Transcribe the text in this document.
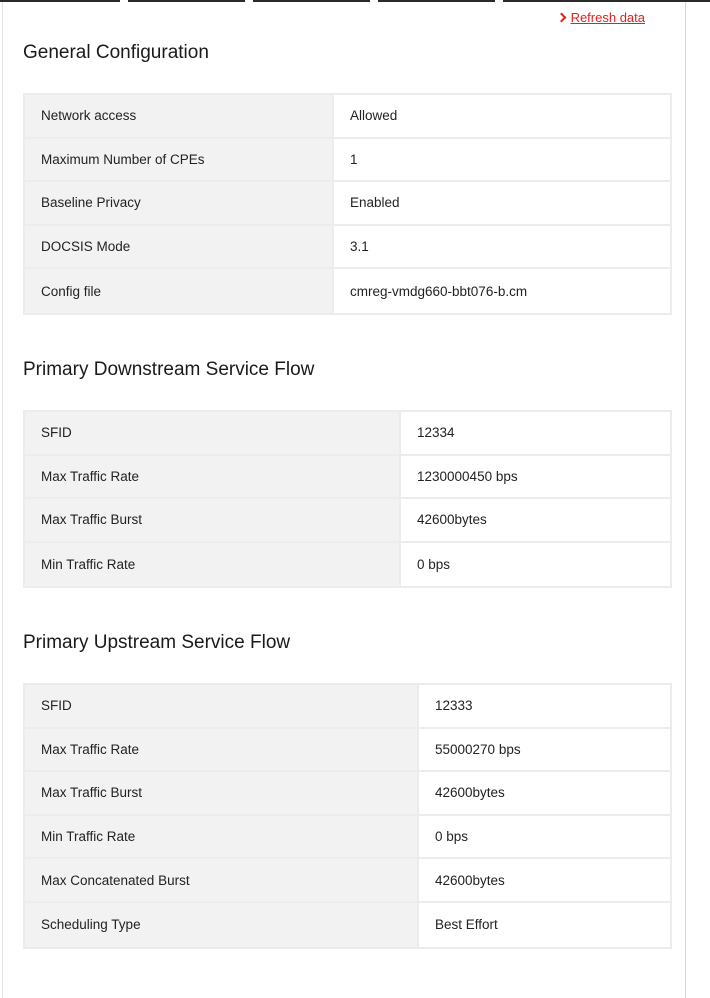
Refresh data
General Configuration
Network access	Allowed
Maximum Number of CPEs	1
Baseline Privacy	Enabled
DOCSIS Mode	3.1
Config file	cmreg-vmdg660-bbt076-b.cm
Primary Downstream Service Flow
SFID	12334
Max Traffic Rate	1230000450 bps
Max Traffic Burst	42600bytes
Min Traffic Rate	0 bps
Primary Upstream Service Flow
SFID	12333
Max Traffic Rate	55000270 bps
Max Traffic Burst	42600bytes
Min Traffic Rate	0 bps
Max Concatenated Burst	42600bytes
Scheduling Type	Best Effort
